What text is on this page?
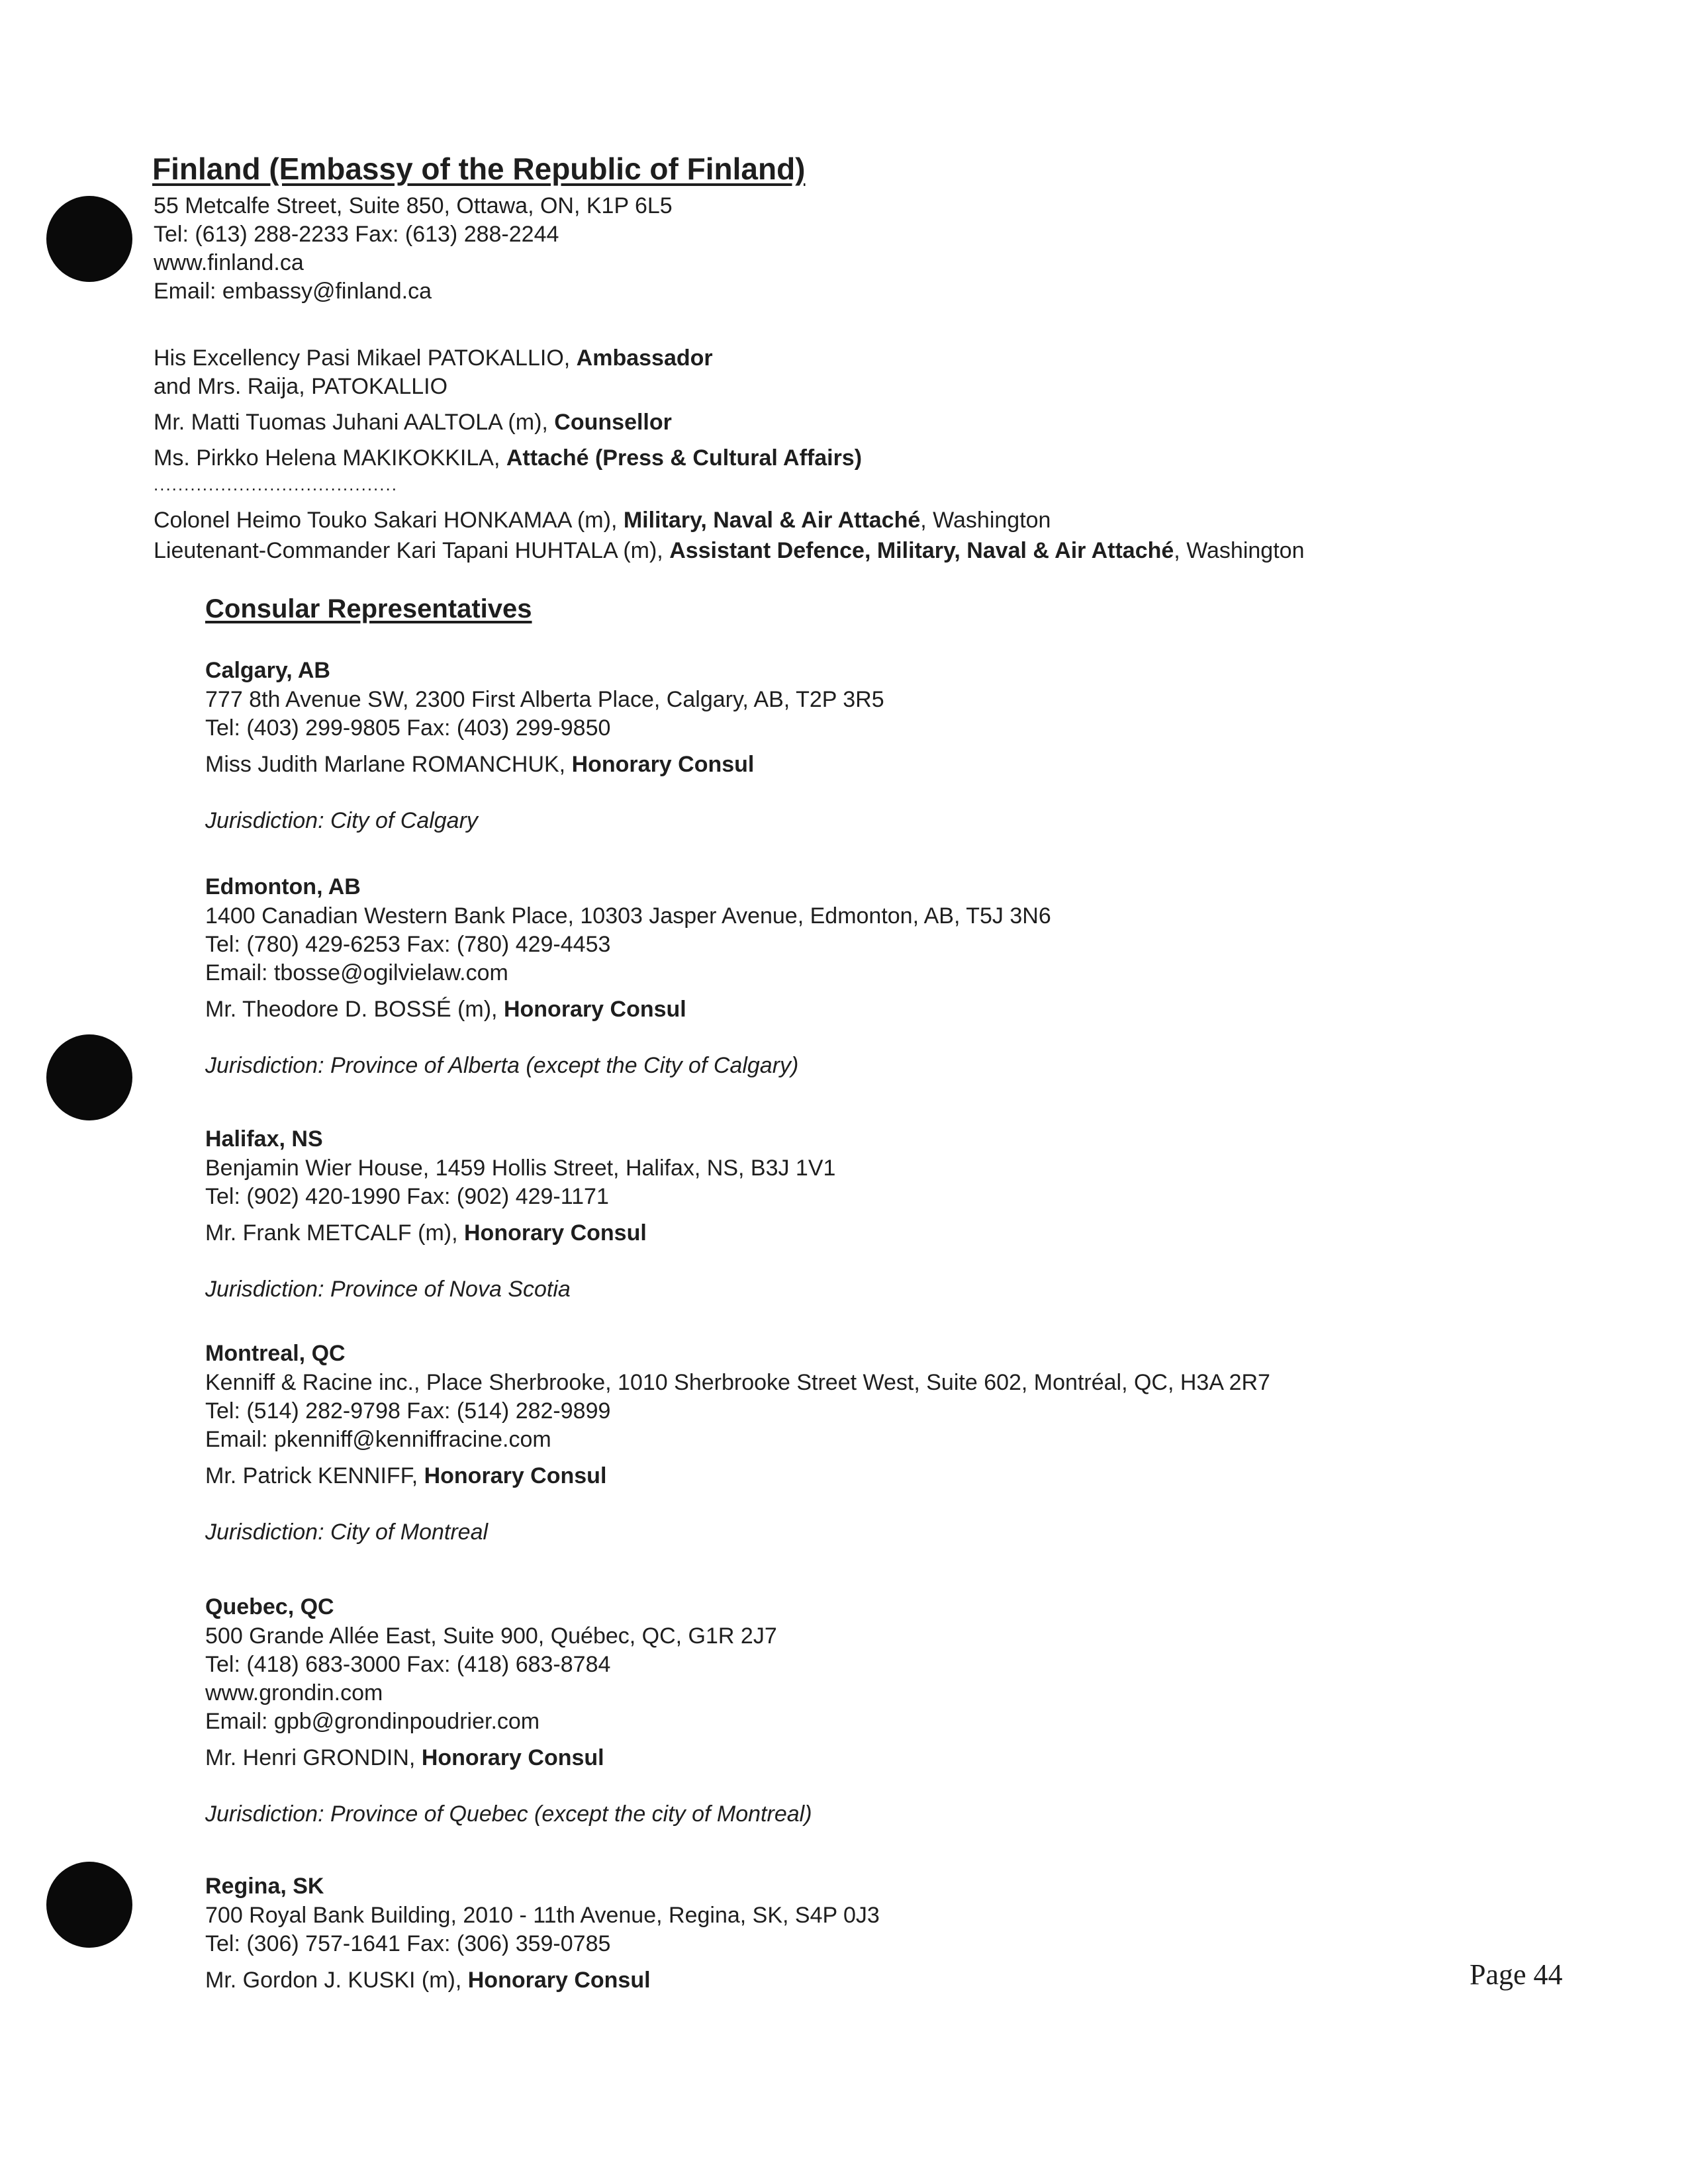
Finland (Embassy of the Republic of Finland)
55 Metcalfe Street, Suite 850, Ottawa, ON, K1P 6L5
Tel: (613) 288-2233 Fax: (613) 288-2244
www.finland.ca
Email: embassy@finland.ca
His Excellency Pasi Mikael PATOKALLIO, Ambassador
and Mrs. Raija, PATOKALLIO
Mr. Matti Tuomas Juhani AALTOLA (m), Counsellor
Ms. Pirkko Helena MAKIKOKKILA, Attaché (Press & Cultural Affairs)
........................................
Colonel Heimo Touko Sakari HONKAMAA (m), Military, Naval & Air Attaché, Washington
Lieutenant-Commander Kari Tapani HUHTALA (m), Assistant Defence, Military, Naval & Air Attaché, Washington
Consular Representatives
Calgary, AB
777 8th Avenue SW, 2300 First Alberta Place, Calgary, AB, T2P 3R5
Tel: (403) 299-9805 Fax: (403) 299-9850
Miss Judith Marlane ROMANCHUK, Honorary Consul
Jurisdiction: City of Calgary
Edmonton, AB
1400 Canadian Western Bank Place, 10303 Jasper Avenue, Edmonton, AB, T5J 3N6
Tel: (780) 429-6253 Fax: (780) 429-4453
Email: tbosse@ogilvielaw.com
Mr. Theodore D. BOSSÉ (m), Honorary Consul
Jurisdiction: Province of Alberta (except the City of Calgary)
Halifax, NS
Benjamin Wier House, 1459 Hollis Street, Halifax, NS, B3J 1V1
Tel: (902) 420-1990 Fax: (902) 429-1171
Mr. Frank METCALF (m), Honorary Consul
Jurisdiction: Province of Nova Scotia
Montreal, QC
Kenniff & Racine inc., Place Sherbrooke, 1010 Sherbrooke Street West, Suite 602, Montréal, QC, H3A 2R7
Tel: (514) 282-9798 Fax: (514) 282-9899
Email: pkenniff@kenniffracine.com
Mr. Patrick KENNIFF, Honorary Consul
Jurisdiction: City of Montreal
Quebec, QC
500 Grande Allée East, Suite 900, Québec, QC, G1R 2J7
Tel: (418) 683-3000 Fax: (418) 683-8784
www.grondin.com
Email: gpb@grondinpoudrier.com
Mr. Henri GRONDIN, Honorary Consul
Jurisdiction: Province of Quebec (except the city of Montreal)
Regina, SK
700 Royal Bank Building, 2010 - 11th Avenue, Regina, SK, S4P 0J3
Tel: (306) 757-1641 Fax: (306) 359-0785
Mr. Gordon J. KUSKI (m), Honorary Consul	Page 44
